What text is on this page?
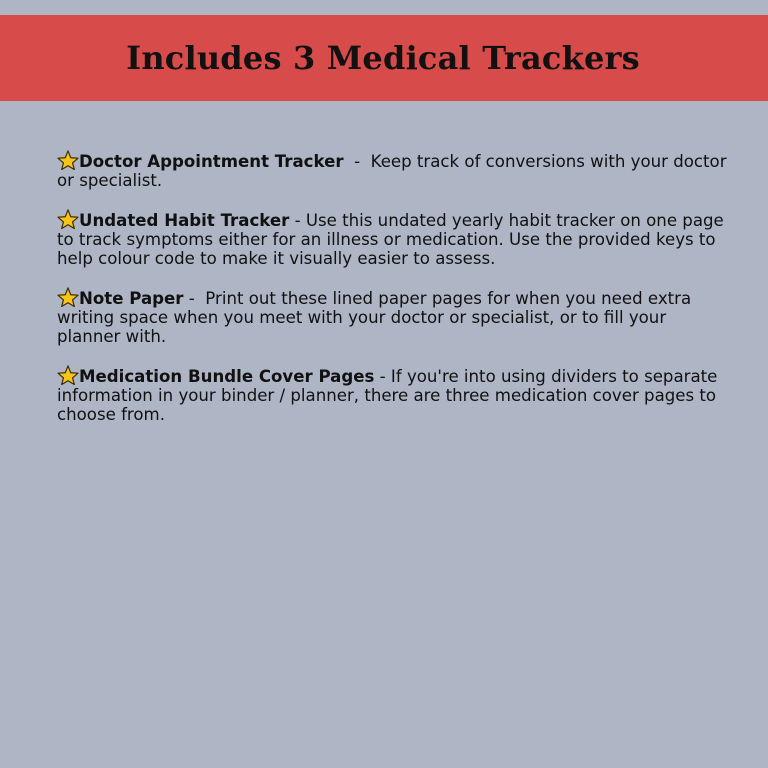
Includes 3 Medical Trackers

Doctor Appointment Tracker  -  Keep track of conversions with your doctor or specialist.

Undated Habit Tracker - Use this undated yearly habit tracker on one page to track symptoms either for an illness or medication. Use the provided keys to help colour code to make it visually easier to assess.

Note Paper -  Print out these lined paper pages for when you need extra writing space when you meet with your doctor or specialist, or to fill your planner with.

Medication Bundle Cover Pages - If you're into using dividers to separate information in your binder / planner, there are three medication cover pages to choose from.
